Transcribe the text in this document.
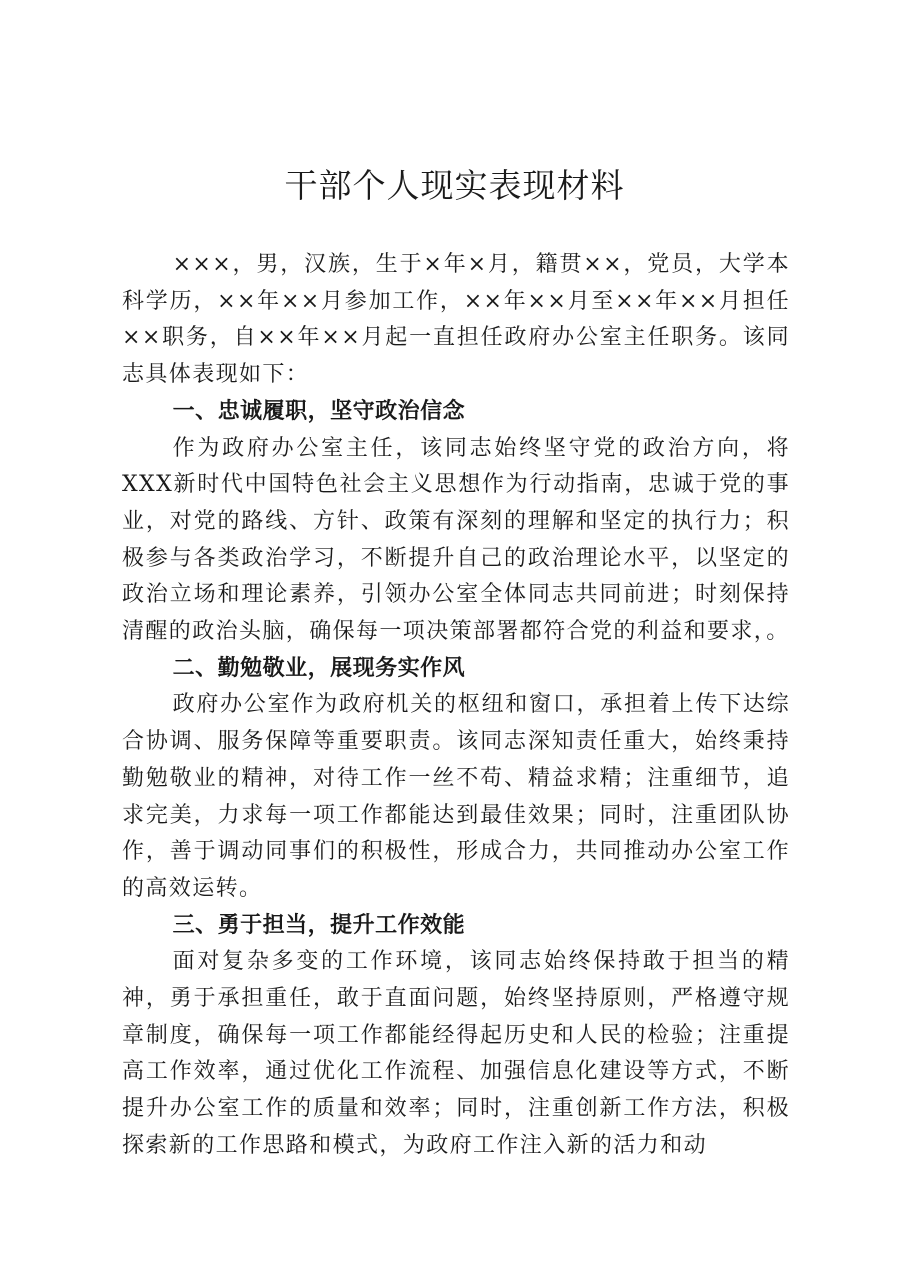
干部个人现实表现材料

×××，男，汉族，生于×年×月，籍贯××，党员，大学本科学历，××年××月参加工作，××年××月至××年××月担任××职务，自××年××月起一直担任政府办公室主任职务。该同志具体表现如下：

一、忠诚履职，坚守政治信念

作为政府办公室主任，该同志始终坚守党的政治方向，将XXX新时代中国特色社会主义思想作为行动指南，忠诚于党的事业，对党的路线、方针、政策有深刻的理解和坚定的执行力；积极参与各类政治学习，不断提升自己的政治理论水平，以坚定的政治立场和理论素养，引领办公室全体同志共同前进；时刻保持清醒的政治头脑，确保每一项决策部署都符合党的利益和要求，。

二、勤勉敬业，展现务实作风

政府办公室作为政府机关的枢纽和窗口，承担着上传下达综合协调、服务保障等重要职责。该同志深知责任重大，始终秉持勤勉敬业的精神，对待工作一丝不苟、精益求精；注重细节，追求完美，力求每一项工作都能达到最佳效果；同时，注重团队协作，善于调动同事们的积极性，形成合力，共同推动办公室工作的高效运转。

三、勇于担当，提升工作效能

面对复杂多变的工作环境，该同志始终保持敢于担当的精神，勇于承担重任，敢于直面问题，始终坚持原则，严格遵守规章制度，确保每一项工作都能经得起历史和人民的检验；注重提高工作效率，通过优化工作流程、加强信息化建设等方式，不断提升办公室工作的质量和效率；同时，注重创新工作方法，积极探索新的工作思路和模式，为政府工作注入新的活力和动
